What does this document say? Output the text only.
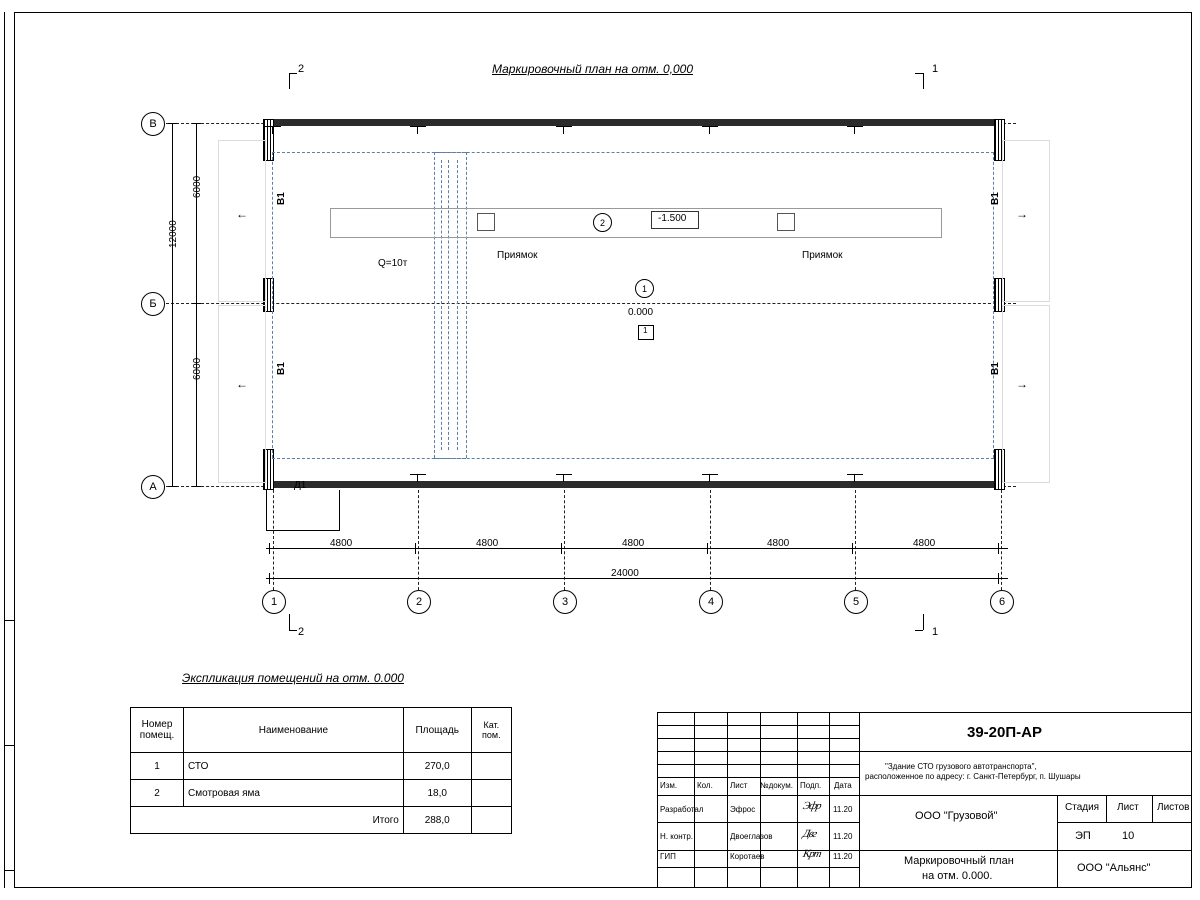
Маркировочный план на отм. 0,000
2	1
2	1
В
Б
А
1	2	3	4	5	6
Q=10т
Приямок	Приямок
2	-1.500
1
0.000
1
В1
←
В1
←
В1
→
В1
→
Д1
6000
6000
12000
4800	4800	4800	4800	4800
24000
Экспликация помещений на отм. 0.000
Номер помещ.	Наименование	Площадь	Кат. пом.
1	СТО	270,0	
2	Смотровая яма	18,0	
	Итого	288,0	
Изм. Кол. Лист №докум. Подп. Дата
Разработал	Эфрос	Эфр 11.20
Н. контр.	Двоеглазов	Двг 11.20
ГИП	Коротаев	Крт 11.20
39-20П-АР
"Здание СТО грузового автотранспорта",
расположенное по адресу: г. Санкт-Петербург, п. Шушары
ООО "Грузовой"
Маркировочный план
на отм. 0.000.
Стадия Лист Листов
ЭП	10
ООО "Альянс"
